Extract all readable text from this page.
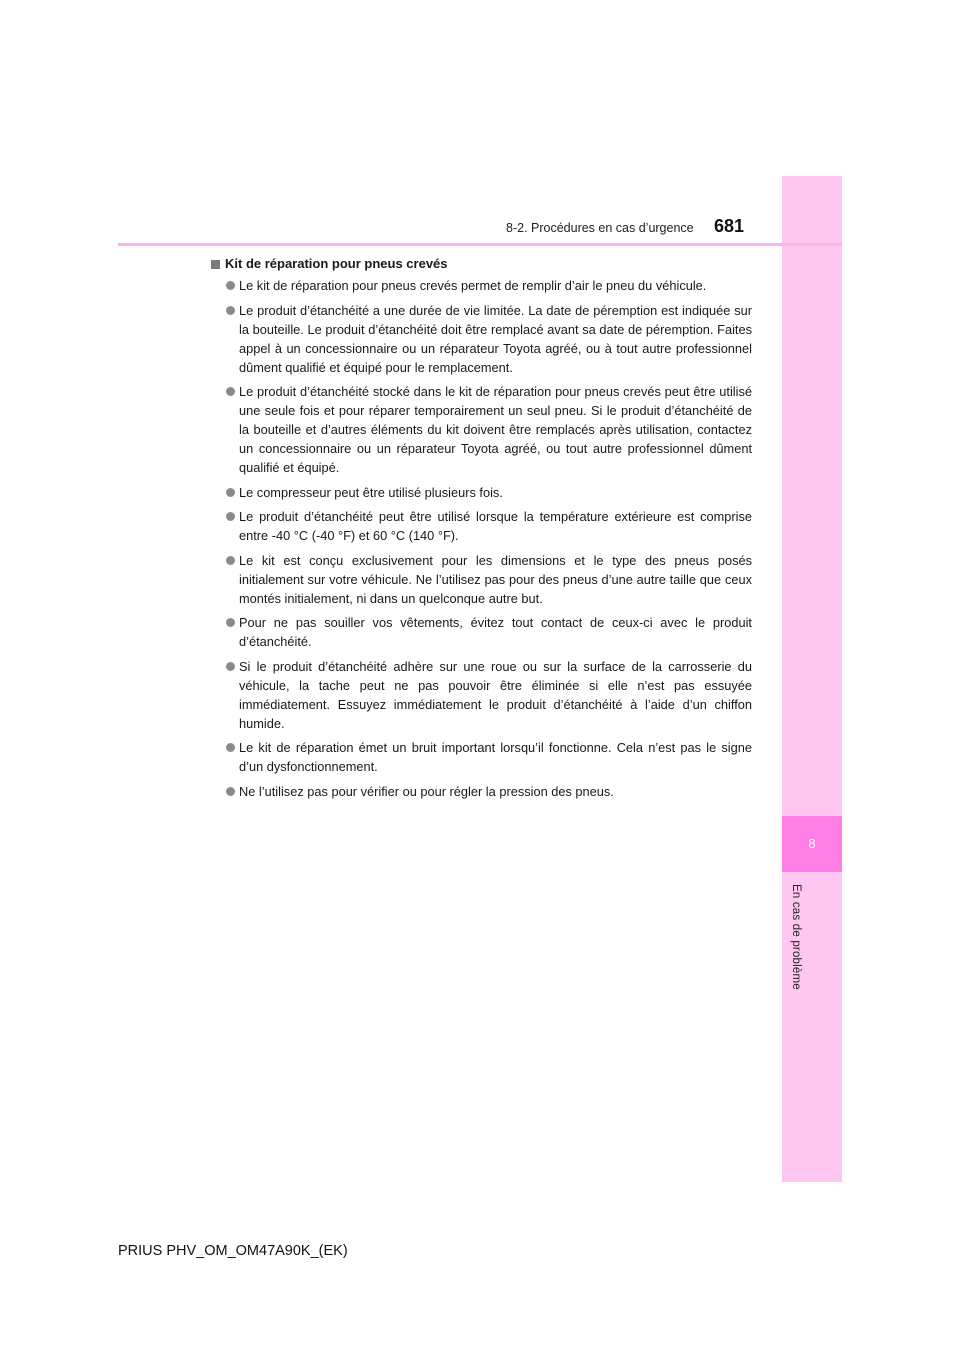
8
En cas de problème
8-2. Procédures en cas d’urgence 681
Kit de réparation pour pneus crevés
Le kit de réparation pour pneus crevés permet de remplir d’air le pneu du véhicule.
Le produit d’étanchéité a une durée de vie limitée. La date de péremption est indiquée sur la bouteille. Le produit d’étanchéité doit être remplacé avant sa date de péremption. Faites appel à un concessionnaire ou un réparateur Toyota agréé, ou à tout autre professionnel dûment qualifié et équipé pour le remplacement.
Le produit d’étanchéité stocké dans le kit de réparation pour pneus crevés peut être utilisé une seule fois et pour réparer temporairement un seul pneu. Si le produit d’étanchéité de la bouteille et d’autres éléments du kit doivent être remplacés après utilisation, contactez un concessionnaire ou un réparateur Toyota agréé, ou tout autre professionnel dûment qualifié et équipé.
Le compresseur peut être utilisé plusieurs fois.
Le produit d’étanchéité peut être utilisé lorsque la température extérieure est comprise entre -40 °C (-40 °F) et 60 °C (140 °F).
Le kit est conçu exclusivement pour les dimensions et le type des pneus posés initialement sur votre véhicule. Ne l’utilisez pas pour des pneus d’une autre taille que ceux montés initialement, ni dans un quelconque autre but.
Pour ne pas souiller vos vêtements, évitez tout contact de ceux-ci avec le produit d’étanchéité.
Si le produit d’étanchéité adhère sur une roue ou sur la surface de la carrosserie du véhicule, la tache peut ne pas pouvoir être éliminée si elle n’est pas essuyée immédiatement. Essuyez immédiatement le produit d’étanchéité à l’aide d’un chiffon humide.
Le kit de réparation émet un bruit important lorsqu’il fonctionne. Cela n’est pas le signe d’un dysfonctionnement.
Ne l’utilisez pas pour vérifier ou pour régler la pression des pneus.
PRIUS PHV_OM_OM47A90K_(EK)
